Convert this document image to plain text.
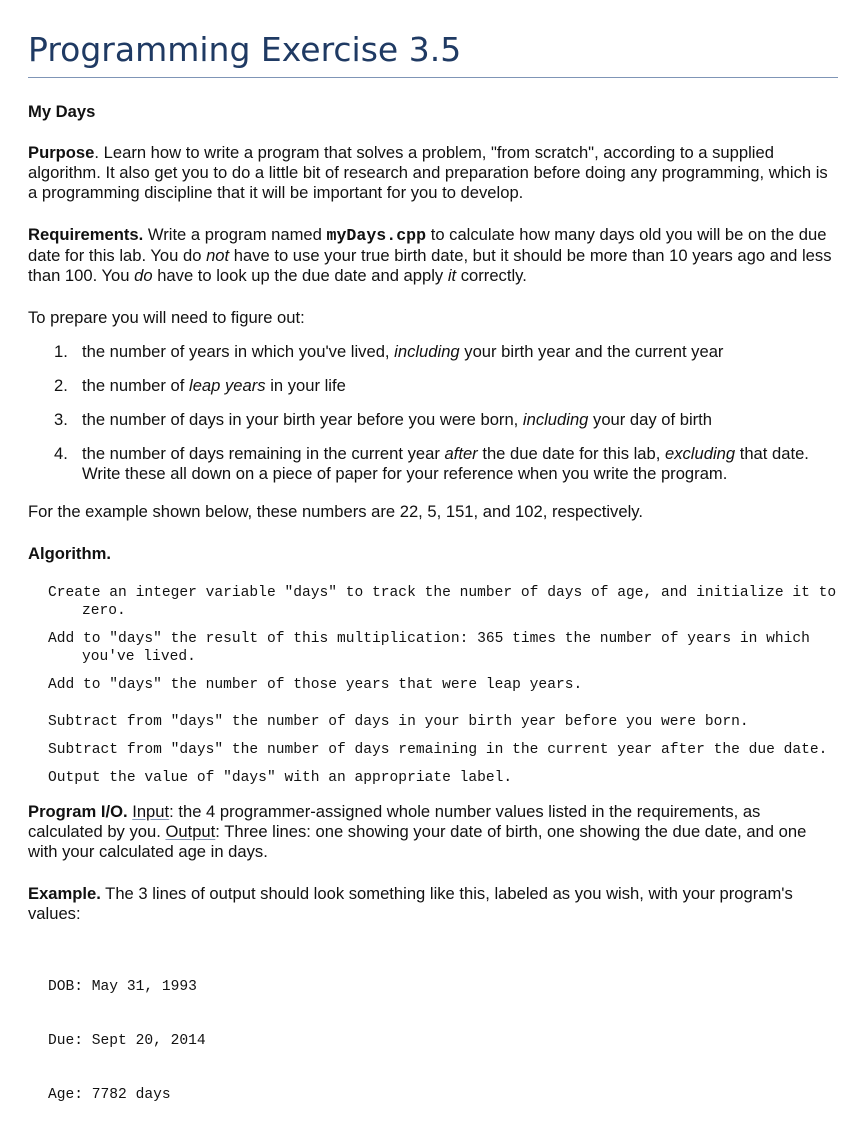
Programming Exercise 3.5

My Days

Purpose. Learn how to write a program that solves a problem, "from scratch", according to a supplied algorithm. It also get you to do a little bit of research and preparation before doing any programming, which is a programming discipline that it will be important for you to develop.

Requirements. Write a program named myDays.cpp to calculate how many days old you will be on the due date for this lab. You do not have to use your true birth date, but it should be more than 10 years ago and less than 100. You do have to look up the due date and apply it correctly.

To prepare you will need to figure out:

1. the number of years in which you've lived, including your birth year and the current year
2. the number of leap years in your life
3. the number of days in your birth year before you were born, including your day of birth
4. the number of days remaining in the current year after the due date for this lab, excluding that date. Write these all down on a piece of paper for your reference when you write the program.

For the example shown below, these numbers are 22, 5, 151, and 102, respectively.

Algorithm.

Create an integer variable "days" to track the number of days of age, and initialize it to zero.
Add to "days" the result of this multiplication: 365 times the number of years in which you've lived.
Add to "days" the number of those years that were leap years.
Subtract from "days" the number of days in your birth year before you were born.
Subtract from "days" the number of days remaining in the current year after the due date.
Output the value of "days" with an appropriate label.

Program I/O. Input: the 4 programmer-assigned whole number values listed in the requirements, as calculated by you. Output: Three lines: one showing your date of birth, one showing the due date, and one with your calculated age in days.

Example. The 3 lines of output should look something like this, labeled as you wish, with your program's values:

DOB: May 31, 1993

Due: Sept 20, 2014

Age: 7782 days
